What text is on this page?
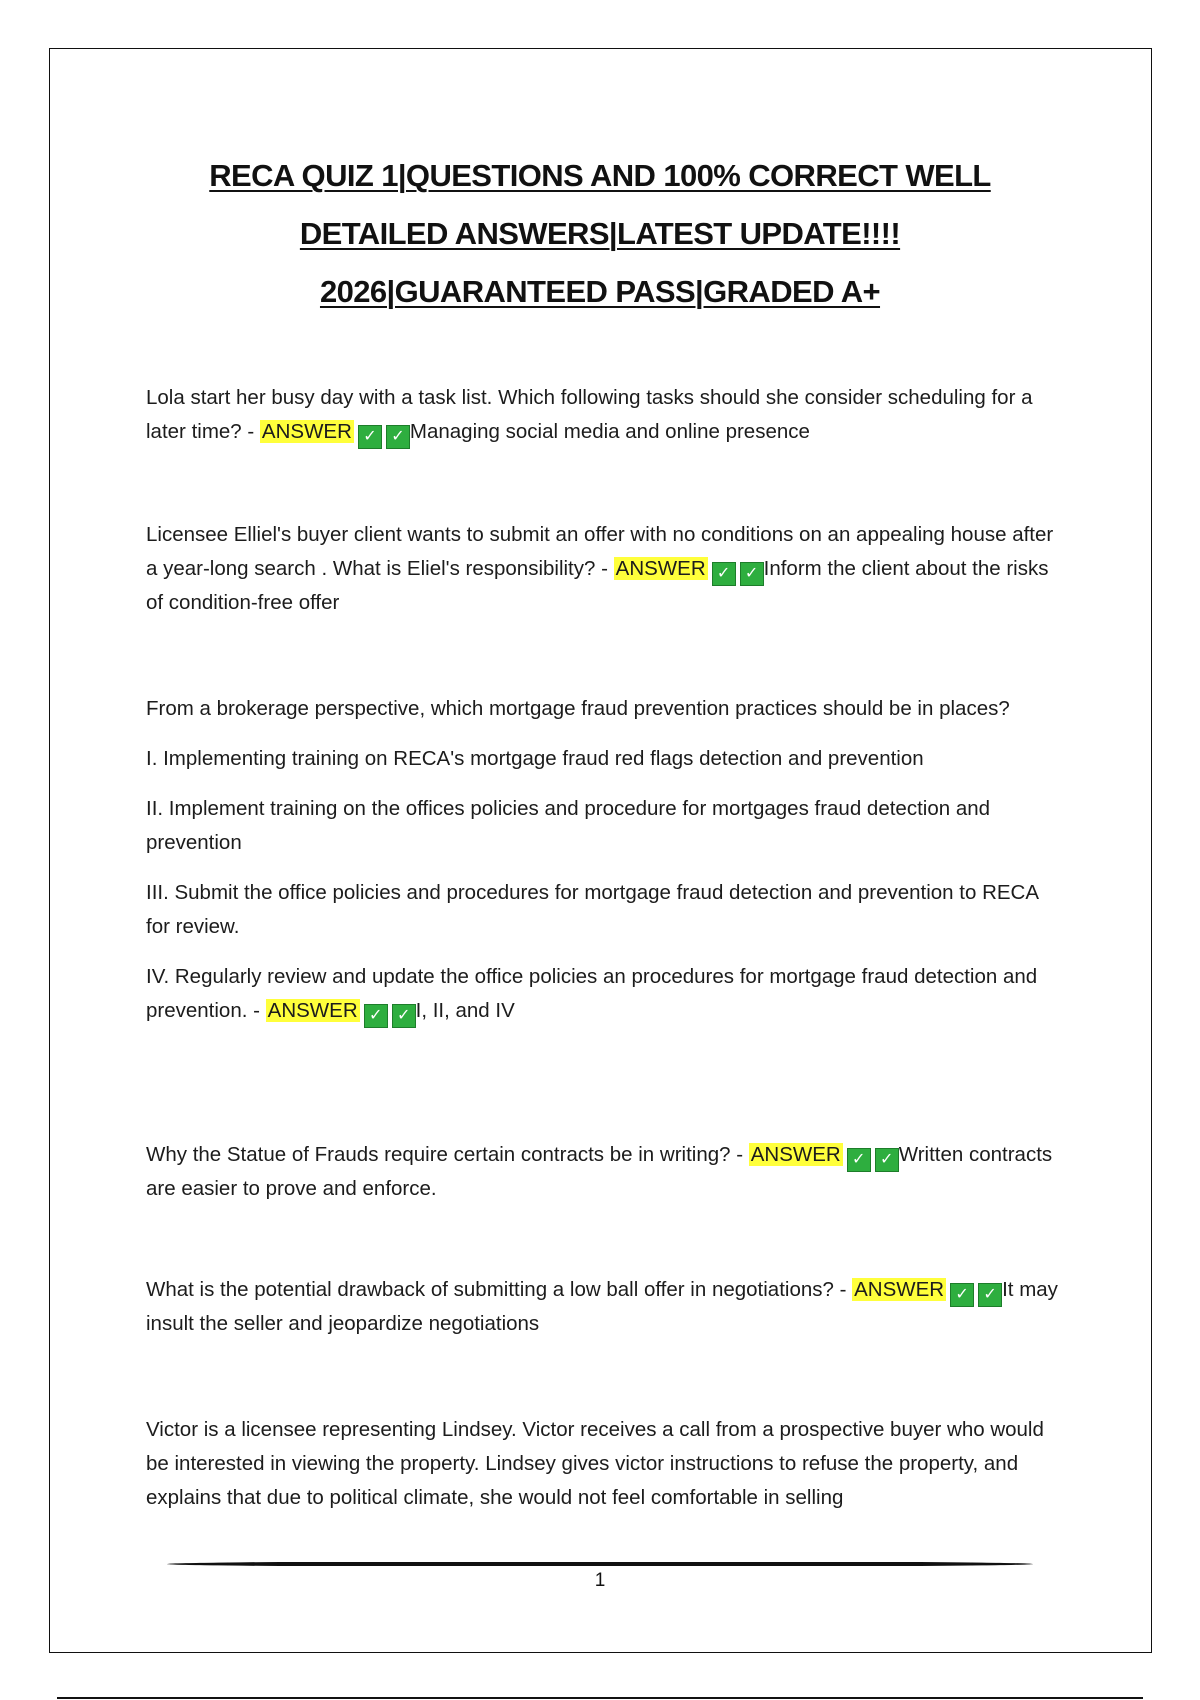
RECA QUIZ 1|QUESTIONS AND 100% CORRECT WELL
DETAILED ANSWERS|LATEST UPDATE!!!!
2026|GUARANTEED PASS|GRADED A+

Lola start her busy day with a task list. Which following tasks should she consider scheduling for a later time? - ANSWER ✓ ✓ Managing social media and online presence

Licensee Elliel's buyer client wants to submit an offer with no conditions on an appealing house after a year-long search . What is Eliel's responsibility? - ANSWER ✓ ✓ Inform the client about the risks of condition-free offer

From a brokerage perspective, which mortgage fraud prevention practices should be in places?

I. Implementing training on RECA's mortgage fraud red flags detection and prevention

II. Implement training on the offices policies and procedure for mortgages fraud detection and prevention

III. Submit the office policies and procedures for mortgage fraud detection and prevention to RECA for review.

IV. Regularly review and update the office policies an procedures for mortgage fraud detection and prevention. - ANSWER ✓ ✓ I, II, and IV

Why the Statue of Frauds require certain contracts be in writing? - ANSWER ✓ ✓ Written contracts are easier to prove and enforce.

What is the potential drawback of submitting a low ball offer in negotiations? - ANSWER ✓ ✓ It may insult the seller and jeopardize negotiations

Victor is a licensee representing Lindsey. Victor receives a call from a prospective buyer who would be interested in viewing the property. Lindsey gives victor instructions to refuse the property, and explains that due to political climate, she would not feel comfortable in selling

1
